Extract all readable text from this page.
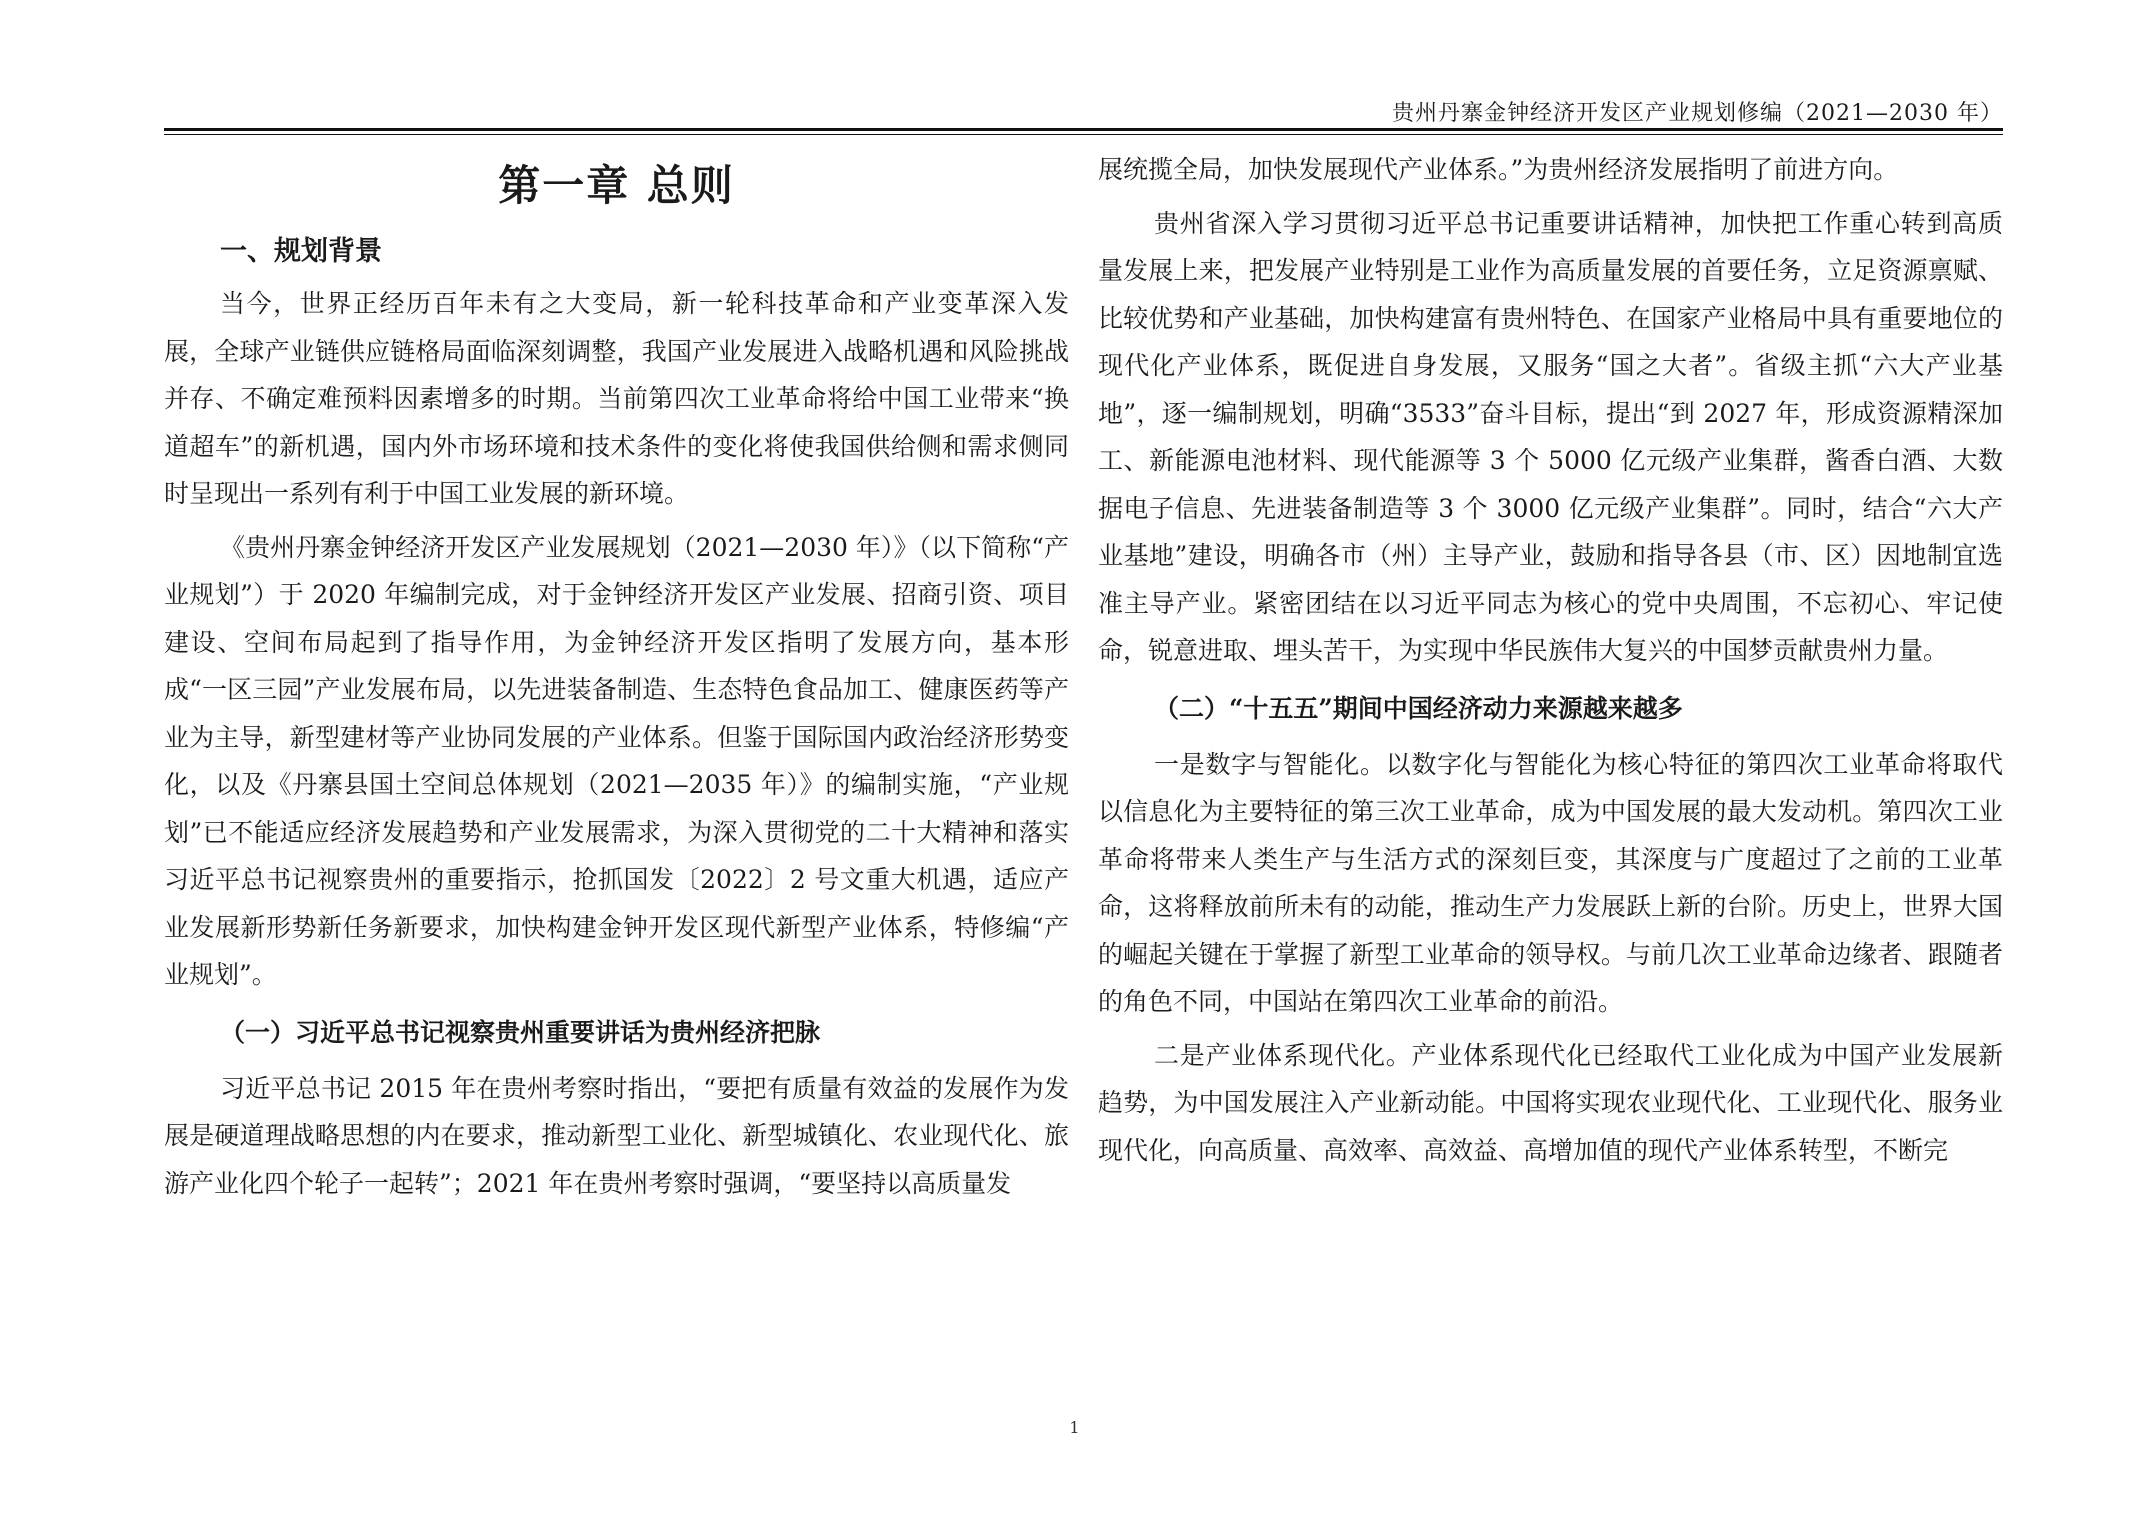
贵州丹寨金钟经济开发区产业规划修编（2021—2030 年）
第一章 总则
一、规划背景

当今，世界正经历百年未有之大变局，新一轮科技革命和产业变革深入发展，全球产业链供应链格局面临深刻调整，我国产业发展进入战略机遇和风险挑战并存、不确定难预料因素增多的时期。当前第四次工业革命将给中国工业带来“换道超车”的新机遇，国内外市场环境和技术条件的变化将使我国供给侧和需求侧同时呈现出一系列有利于中国工业发展的新环境。

《贵州丹寨金钟经济开发区产业发展规划（2021—2030 年）》（以下简称“产业规划”）于 2020 年编制完成，对于金钟经济开发区产业发展、招商引资、项目建设、空间布局起到了指导作用，为金钟经济开发区指明了发展方向，基本形成“一区三园”产业发展布局，以先进装备制造、生态特色食品加工、健康医药等产业为主导，新型建材等产业协同发展的产业体系。但鉴于国际国内政治经济形势变化，以及《丹寨县国土空间总体规划（2021—2035 年）》的编制实施，“产业规划”已不能适应经济发展趋势和产业发展需求，为深入贯彻党的二十大精神和落实习近平总书记视察贵州的重要指示，抢抓国发〔2022〕2 号文重大机遇，适应产业发展新形势新任务新要求，加快构建金钟开发区现代新型产业体系，特修编“产业规划”。

（一）习近平总书记视察贵州重要讲话为贵州经济把脉

习近平总书记 2015 年在贵州考察时指出，“要把有质量有效益的发展作为发展是硬道理战略思想的内在要求，推动新型工业化、新型城镇化、农业现代化、旅游产业化四个轮子一起转”；2021 年在贵州考察时强调，“要坚持以高质量发

展统揽全局，加快发展现代产业体系。”为贵州经济发展指明了前进方向。

贵州省深入学习贯彻习近平总书记重要讲话精神，加快把工作重心转到高质量发展上来，把发展产业特别是工业作为高质量发展的首要任务，立足资源禀赋、比较优势和产业基础，加快构建富有贵州特色、在国家产业格局中具有重要地位的现代化产业体系，既促进自身发展，又服务“国之大者”。省级主抓“六大产业基地”，逐一编制规划，明确“3533”奋斗目标，提出“到 2027 年，形成资源精深加工、新能源电池材料、现代能源等 3 个 5000 亿元级产业集群，酱香白酒、大数据电子信息、先进装备制造等 3 个 3000 亿元级产业集群”。同时，结合“六大产业基地”建设，明确各市（州）主导产业，鼓励和指导各县（市、区）因地制宜选准主导产业。紧密团结在以习近平同志为核心的党中央周围，不忘初心、牢记使命，锐意进取、埋头苦干，为实现中华民族伟大复兴的中国梦贡献贵州力量。

（二）“十五五”期间中国经济动力来源越来越多

一是数字与智能化。以数字化与智能化为核心特征的第四次工业革命将取代以信息化为主要特征的第三次工业革命，成为中国发展的最大发动机。第四次工业革命将带来人类生产与生活方式的深刻巨变，其深度与广度超过了之前的工业革命，这将释放前所未有的动能，推动生产力发展跃上新的台阶。历史上，世界大国的崛起关键在于掌握了新型工业革命的领导权。与前几次工业革命边缘者、跟随者的角色不同，中国站在第四次工业革命的前沿。

二是产业体系现代化。产业体系现代化已经取代工业化成为中国产业发展新趋势，为中国发展注入产业新动能。中国将实现农业现代化、工业现代化、服务业现代化，向高质量、高效率、高效益、高增加值的现代产业体系转型，不断完

1
